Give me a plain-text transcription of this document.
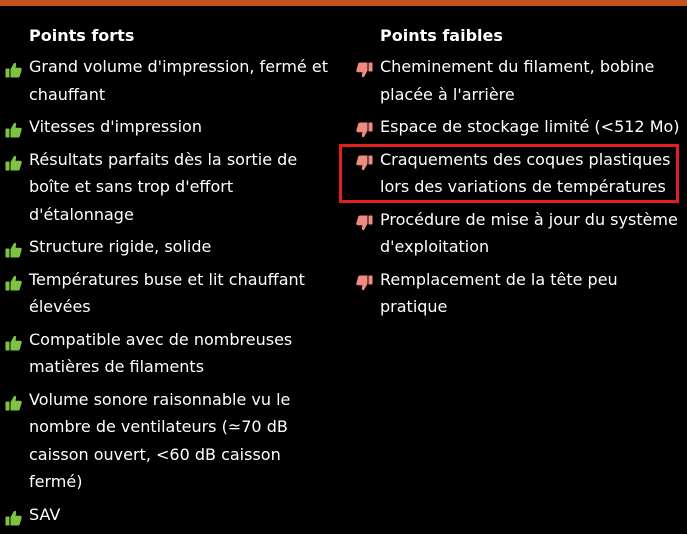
Points forts
Grand volume d'impression, fermé et chauffant
Vitesses d'impression
Résultats parfaits dès la sortie de boîte et sans trop d'effort d'étalonnage
Structure rigide, solide
Températures buse et lit chauffant élevées
Compatible avec de nombreuses matières de filaments
Volume sonore raisonnable vu le nombre de ventilateurs (≃70 dB caisson ouvert, <60 dB caisson fermé)
SAV
Points faibles
Cheminement du filament, bobine placée à l'arrière
Espace de stockage limité (<512 Mo)
Craquements des coques plastiques lors des variations de températures
Procédure de mise à jour du système d'exploitation
Remplacement de la tête peu pratique
